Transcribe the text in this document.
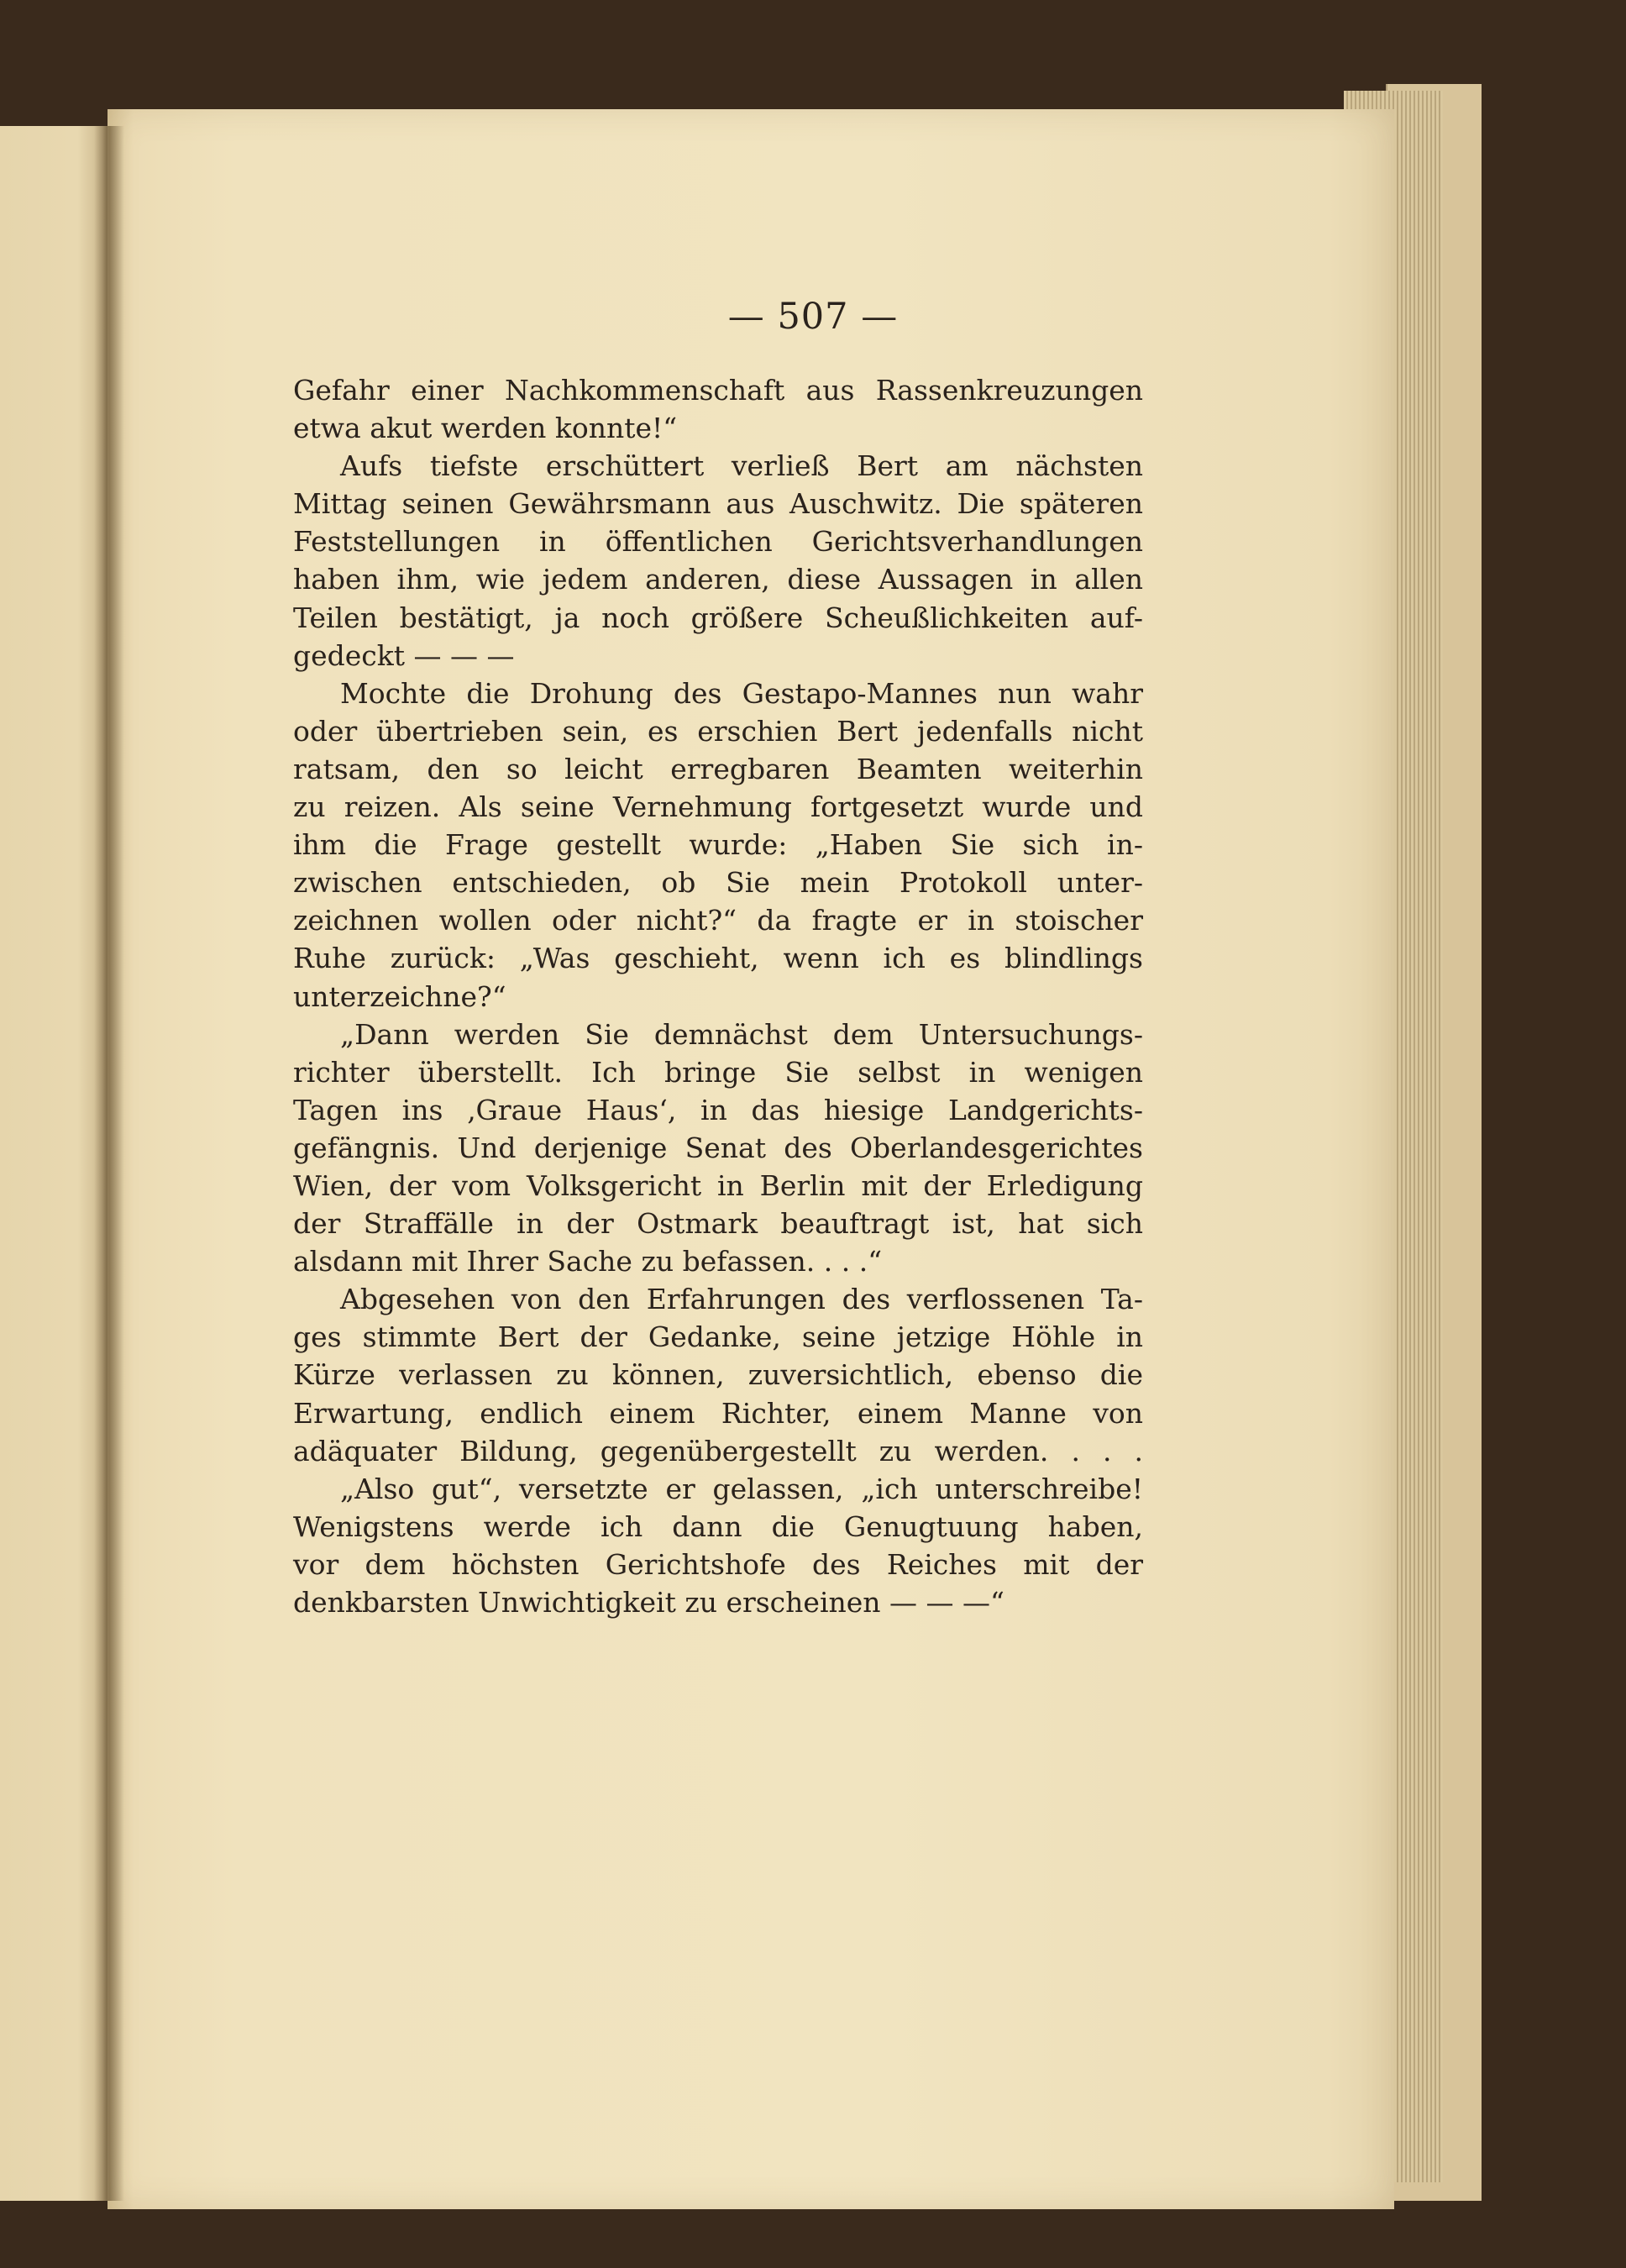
— 507 —
Gefahr einer Nachkommenschaft aus Rassenkreuzungen
etwa akut werden konnte!“
Aufs tiefste erschüttert verließ Bert am nächsten
Mittag seinen Gewährsmann aus Auschwitz. Die späteren
Feststellungen in öffentlichen Gerichtsverhandlungen
haben ihm, wie jedem anderen, diese Aussagen in allen
Teilen bestätigt, ja noch größere Scheußlichkeiten auf-
gedeckt — — —
Mochte die Drohung des Gestapo-Mannes nun wahr
oder übertrieben sein, es erschien Bert jedenfalls nicht
ratsam, den so leicht erregbaren Beamten weiterhin
zu reizen. Als seine Vernehmung fortgesetzt wurde und
ihm die Frage gestellt wurde: „Haben Sie sich in-
zwischen entschieden, ob Sie mein Protokoll unter-
zeichnen wollen oder nicht?“ da fragte er in stoischer
Ruhe zurück: „Was geschieht, wenn ich es blindlings
unterzeichne?“
„Dann werden Sie demnächst dem Untersuchungs-
richter überstellt. Ich bringe Sie selbst in wenigen
Tagen ins ‚Graue Haus‘, in das hiesige Landgerichts-
gefängnis. Und derjenige Senat des Oberlandesgerichtes
Wien, der vom Volksgericht in Berlin mit der Erledigung
der Straffälle in der Ostmark beauftragt ist, hat sich
alsdann mit Ihrer Sache zu befassen. . . .“
Abgesehen von den Erfahrungen des verflossenen Ta-
ges stimmte Bert der Gedanke, seine jetzige Höhle in
Kürze verlassen zu können, zuversichtlich, ebenso die
Erwartung, endlich einem Richter, einem Manne von
adäquater Bildung, gegenübergestellt zu werden. . . .
„Also gut“, versetzte er gelassen, „ich unterschreibe!
Wenigstens werde ich dann die Genugtuung haben,
vor dem höchsten Gerichtshofe des Reiches mit der
denkbarsten Unwichtigkeit zu erscheinen — — —“
